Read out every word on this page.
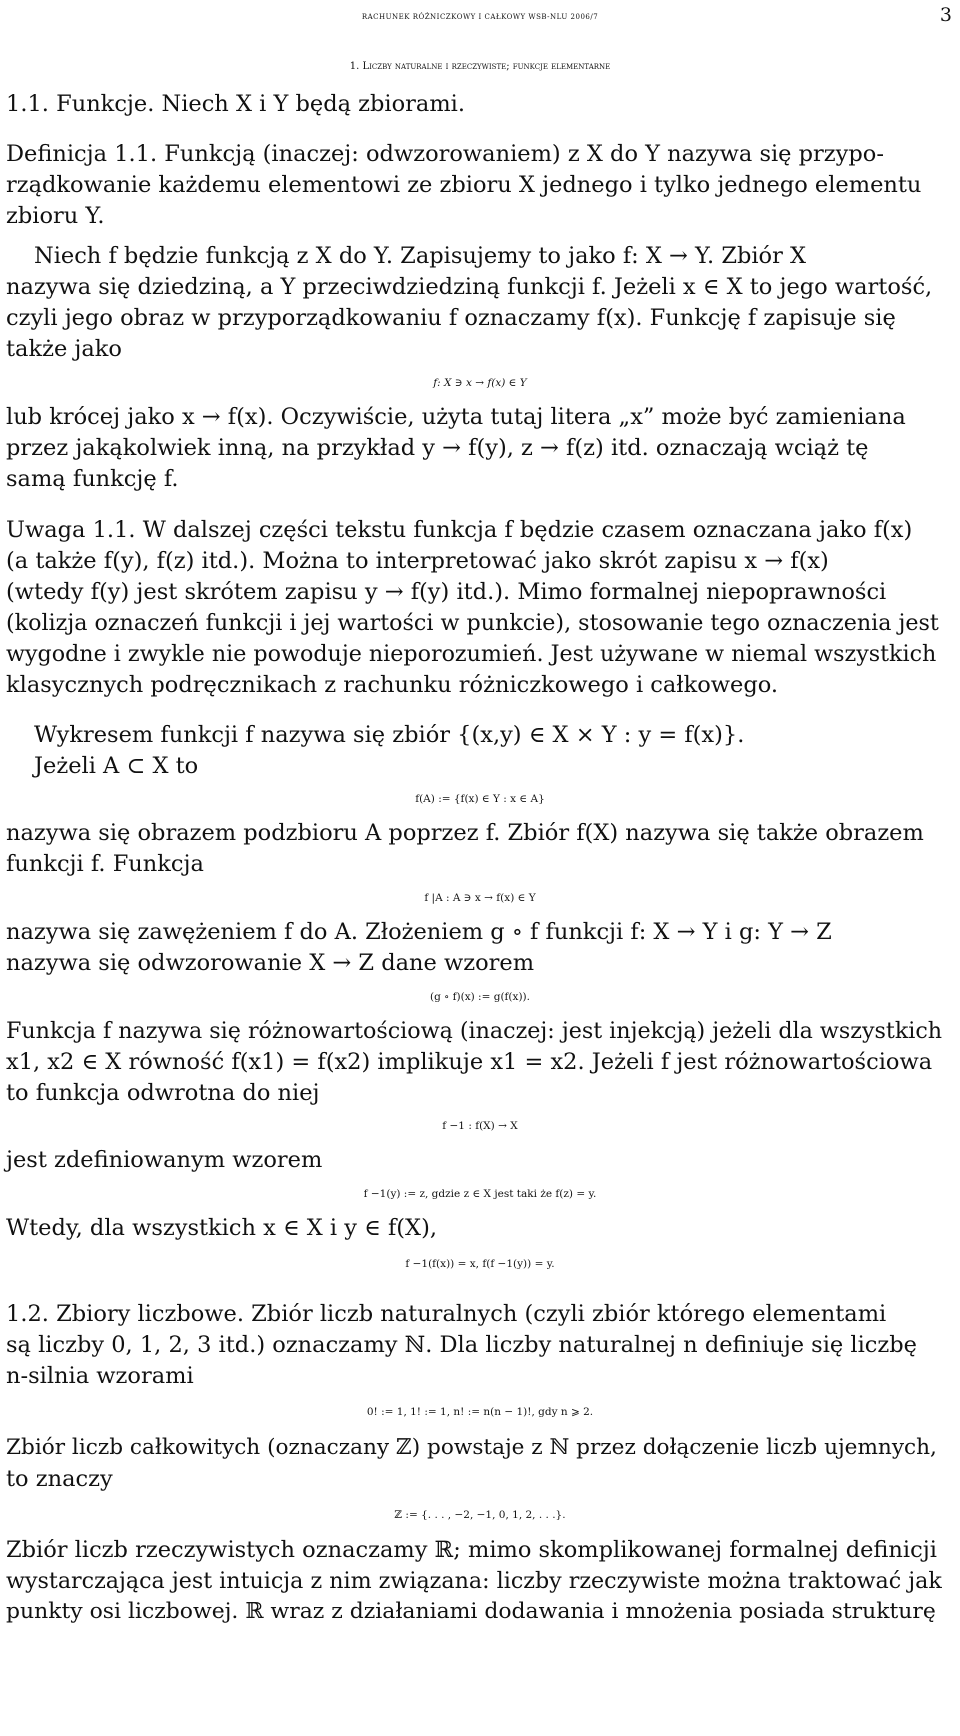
RACHUNEK RÓŻNICZKOWY I CAŁKOWY WSB-NLU 2006/7	3
1. Liczby naturalne i rzeczywiste; funkcje elementarne
1.1. Funkcje. Niech X i Y będą zbiorami.
Definicja 1.1. Funkcją (inaczej: odwzorowaniem) z X do Y nazywa się przypo-
rządkowanie każdemu elementowi ze zbioru X jednego i tylko jednego elementu
zbioru Y.
Niech f będzie funkcją z X do Y. Zapisujemy to jako f: X → Y. Zbiór X
nazywa się dziedziną, a Y przeciwdziedziną funkcji f. Jeżeli x ∈ X to jego wartość,
czyli jego obraz w przyporządkowaniu f oznaczamy f(x). Funkcję f zapisuje się
także jako
f: X ∋ x → f(x) ∈ Y
lub krócej jako x → f(x). Oczywiście, użyta tutaj litera „x” może być zamieniana
przez jakąkolwiek inną, na przykład y → f(y), z → f(z) itd. oznaczają wciąż tę
samą funkcję f.
Uwaga 1.1. W dalszej części tekstu funkcja f będzie czasem oznaczana jako f(x)
(a także f(y), f(z) itd.). Można to interpretować jako skrót zapisu x → f(x)
(wtedy f(y) jest skrótem zapisu y → f(y) itd.). Mimo formalnej niepoprawności
(kolizja oznaczeń funkcji i jej wartości w punkcie), stosowanie tego oznaczenia jest
wygodne i zwykle nie powoduje nieporozumień. Jest używane w niemal wszystkich
klasycznych podręcznikach z rachunku różniczkowego i całkowego.
Wykresem funkcji f nazywa się zbiór {(x,y) ∈ X × Y : y = f(x)}.
Jeżeli A ⊂ X to
f(A) := {f(x) ∈ Y : x ∈ A}
nazywa się obrazem podzbioru A poprzez f. Zbiór f(X) nazywa się także obrazem
funkcji f. Funkcja
f |A : A ∋ x → f(x) ∈ Y
nazywa się zawężeniem f do A. Złożeniem g ∘ f funkcji f: X → Y i g: Y → Z
nazywa się odwzorowanie X → Z dane wzorem
(g ∘ f)(x) := g(f(x)).
Funkcja f nazywa się różnowartościową (inaczej: jest injekcją) jeżeli dla wszystkich
x1, x2 ∈ X równość f(x1) = f(x2) implikuje x1 = x2. Jeżeli f jest różnowartościowa
to funkcja odwrotna do niej
f −1 : f(X) → X
jest zdefiniowanym wzorem
f −1(y) := z, gdzie z ∈ X jest taki że f(z) = y.
Wtedy, dla wszystkich x ∈ X i y ∈ f(X),
f −1(f(x)) = x, f(f −1(y)) = y.
1.2. Zbiory liczbowe. Zbiór liczb naturalnych (czyli zbiór którego elementami
są liczby 0, 1, 2, 3 itd.) oznaczamy ℕ. Dla liczby naturalnej n definiuje się liczbę
n-silnia wzorami
0! := 1, 1! := 1, n! := n(n − 1)!, gdy n ⩾ 2.
Zbiór liczb całkowitych (oznaczany ℤ) powstaje z ℕ przez dołączenie liczb ujemnych,
to znaczy
ℤ := {. . . , −2, −1, 0, 1, 2, . . .}.
Zbiór liczb rzeczywistych oznaczamy ℝ; mimo skomplikowanej formalnej definicji
wystarczająca jest intuicja z nim związana: liczby rzeczywiste można traktować jak
punkty osi liczbowej. ℝ wraz z działaniami dodawania i mnożenia posiada strukturę
